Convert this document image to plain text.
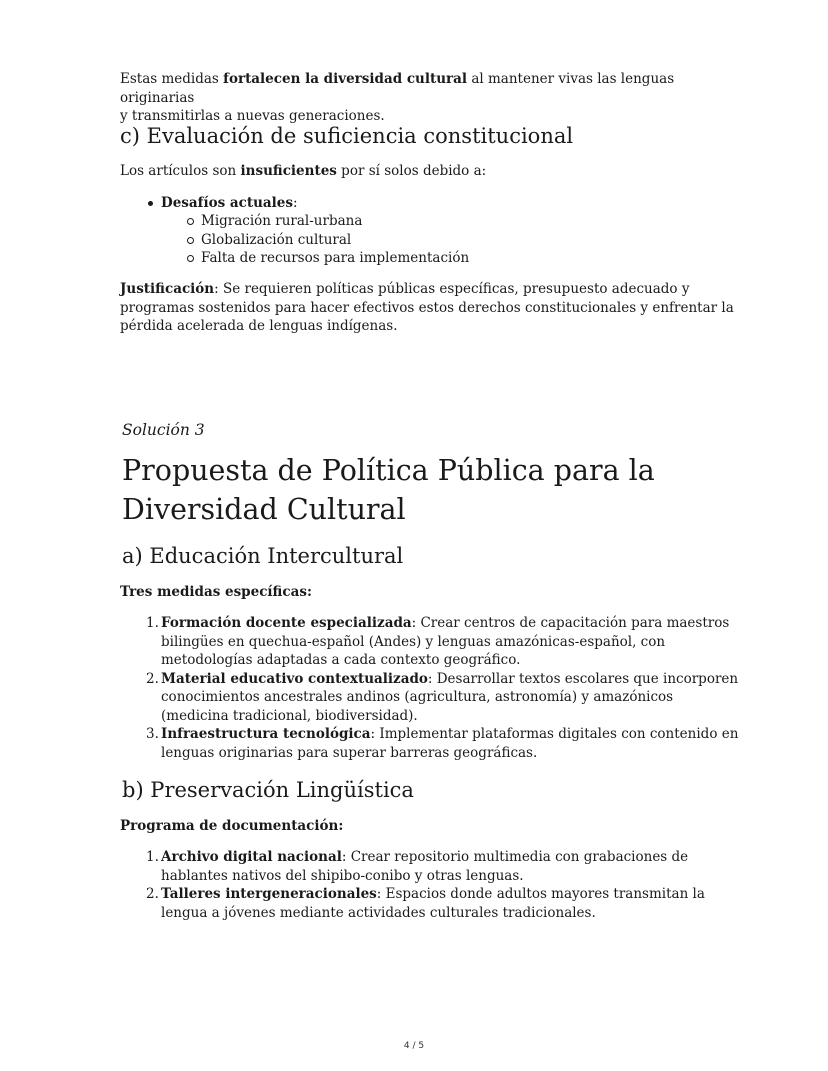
Estas medidas fortalecen la diversidad cultural al mantener vivas las lenguas originarias

y transmitirlas a nuevas generaciones.

c) Evaluación de suficiencia constitucional

Los artículos son insuficientes por sí solos debido a:

Desafíos actuales:
Migración rural-urbana
Globalización cultural
Falta de recursos para implementación

Justificación: Se requieren políticas públicas específicas, presupuesto adecuado y

programas sostenidos para hacer efectivos estos derechos constitucionales y enfrentar la

pérdida acelerada de lenguas indígenas.

Solución 3

Propuesta de Política Pública para la
Diversidad Cultural
a) Educación Intercultural

Tres medidas específicas:

1. Formación docente especializada: Crear centros de capacitación para maestros

bilingües en quechua-español (Andes) y lenguas amazónicas-español, con

metodologías adaptadas a cada contexto geográfico.

2. Material educativo contextualizado: Desarrollar textos escolares que incorporen

conocimientos ancestrales andinos (agricultura, astronomía) y amazónicos

(medicina tradicional, biodiversidad).

3. Infraestructura tecnológica: Implementar plataformas digitales con contenido en

lenguas originarias para superar barreras geográficas.

b) Preservación Lingüística

Programa de documentación:

1. Archivo digital nacional: Crear repositorio multimedia con grabaciones de

hablantes nativos del shipibo-conibo y otras lenguas.

2. Talleres intergeneracionales: Espacios donde adultos mayores transmitan la

lengua a jóvenes mediante actividades culturales tradicionales.

4 / 5
